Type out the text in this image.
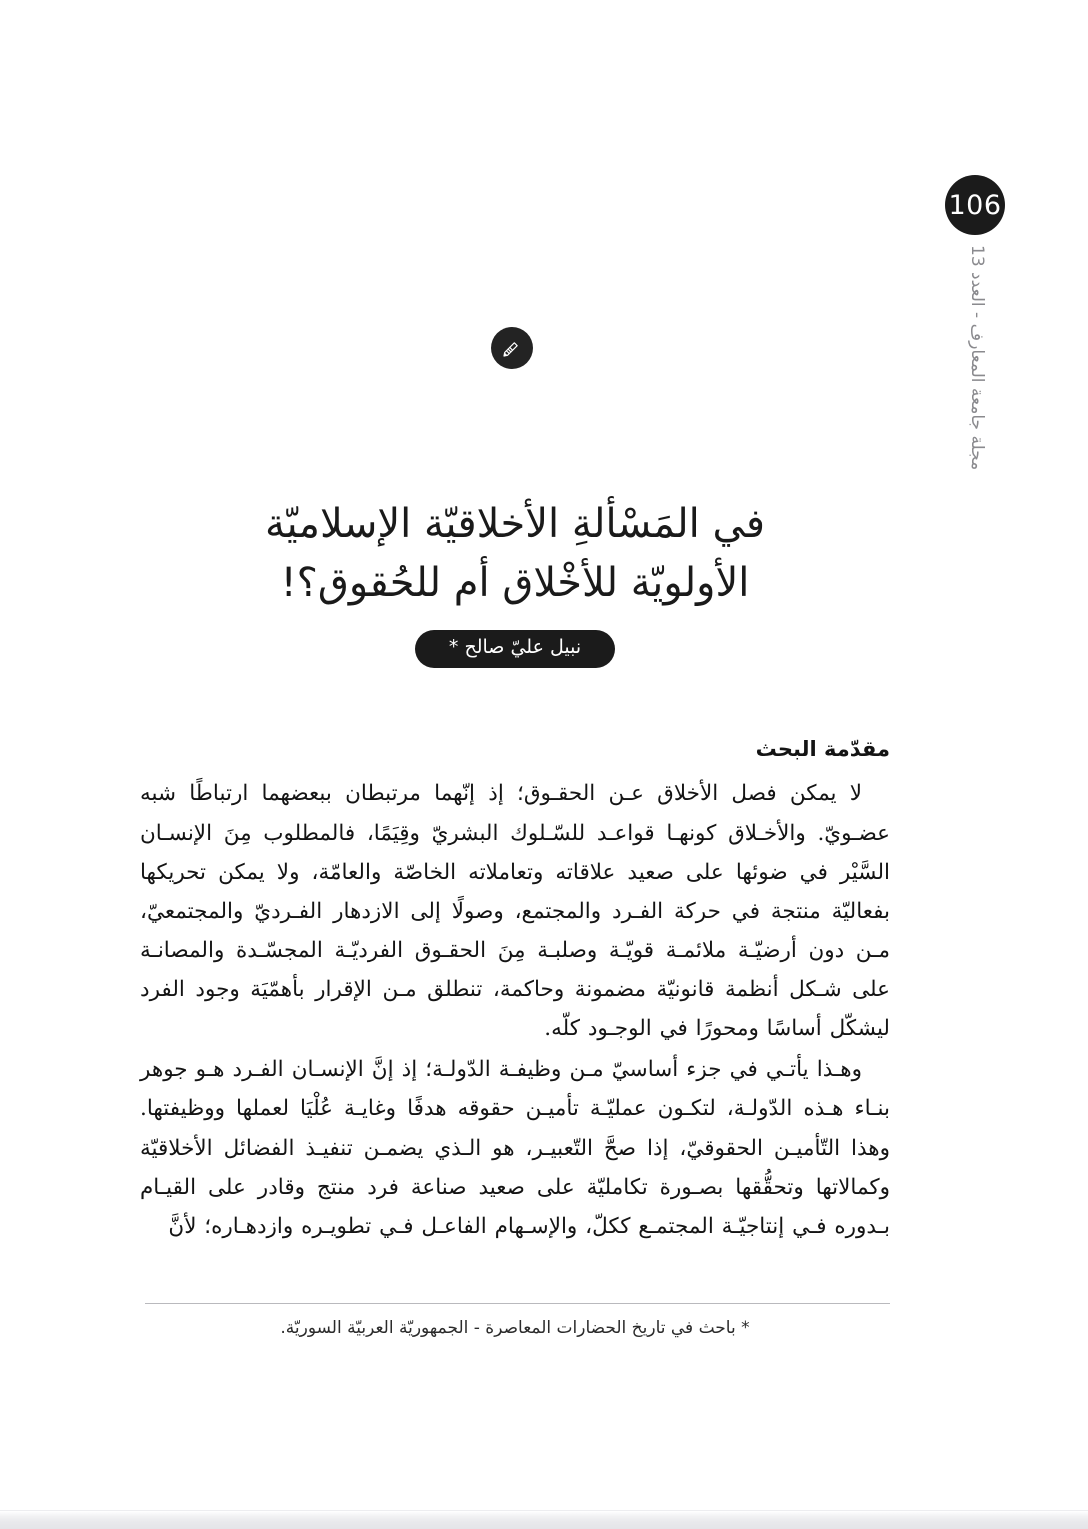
106
مجلة جامعة المعارف - العدد 13
في المَسْألةِ الأخلاقيّة الإسلاميّة
الأولويّة للأخْلاق أم للحُقوق؟!
نبيل عليّ صالح *
مقدّمة البحث

لا يمكن فصل الأخلاق عـن الحقـوق؛ إذ إنّهما مرتبطان ببعضهما ارتباطًا شبه عضـويّ. والأخـلاق كونهـا قواعـد للسّـلوك البشريّ وقِيَمًا، فالمطلوب مِنَ الإنسـان السَّيْر في ضوئها على صعيد علاقاته وتعاملاته الخاصّة والعامّة، ولا يمكن تحريكها بفعاليّة منتجة في حركة الفـرد والمجتمع، وصولًا إلى الازدهار الفـرديّ والمجتمعيّ، مـن دون أرضيّـة ملائمـة قويّـة وصلبـة مِنَ الحقـوق الفرديّـة المجسّـدة والمصانـة على شـكل أنظمة قانونيّة مضمونة وحاكمة، تنطلق مـن الإقرار بأهمّيَة وجود الفرد ليشكّل أساسًا ومحورًا في الوجـود كلّه.

وهـذا يأتـي في جزء أساسيّ مـن وظيفـة الدّولـة؛ إذ إنَّ الإنسـان الفـرد هـو جوهر بنـاء هـذه الدّولـة، لتكـون عمليّـة تأميـن حقوقه هدفًا وغايـة عُلْيَا لعملها ووظيفتها. وهذا التّأميـن الحقوقيّ، إذا صحَّ التّعبيـر، هو الـذي يضمـن تنفيـذ الفضائل الأخلاقيّة وكمالاتها وتحقُّقها بصـورة تكامليّة على صعيد صناعة فرد منتج وقادر على القيـام بـدوره فـي إنتاجيّـة المجتمـع ككلّ، والإسـهام الفاعـل فـي تطويـره وازدهـاره؛ لأنَّ

* باحث في تاريخ الحضارات المعاصرة - الجمهوريّة العربيّة السوريّة.
